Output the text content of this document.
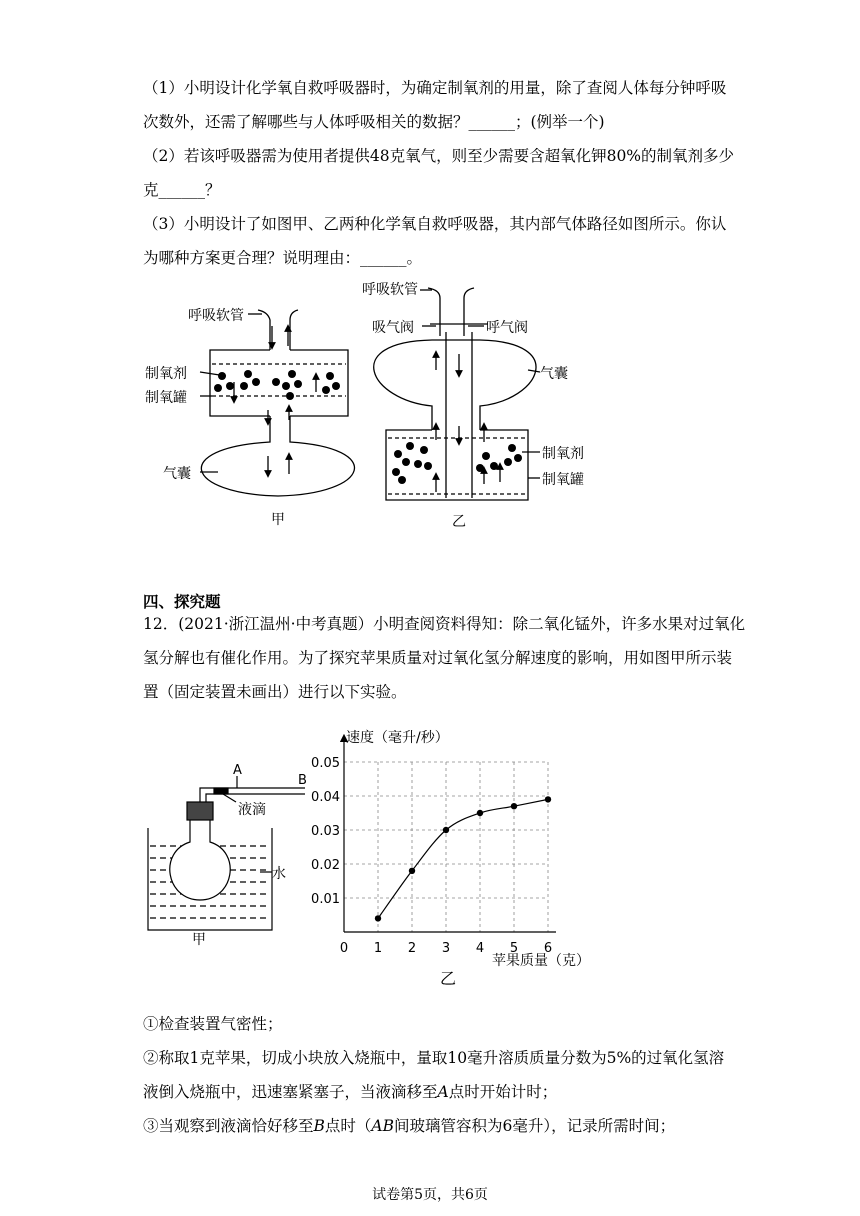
（1）小明设计化学氧自救呼吸器时，为确定制氧剂的用量，除了查阅人体每分钟呼吸
次数外，还需了解哪些与人体呼吸相关的数据？______；(例举一个)
（2）若该呼吸器需为使用者提供48克氧气，则至少需要含超氧化钾80%的制氧剂多少
克______？
（3）小明设计了如图甲、乙两种化学氧自救呼吸器，其内部气体路径如图所示。你认
为哪种方案更合理？说明理由：______。
呼吸软管
制氧剂
制氧罐
气囊
甲
呼吸软管
吸气阀	呼气阀
气囊
制氧剂
制氧罐
乙
四、探究题
12．(2021·浙江温州·中考真题）小明查阅资料得知：除二氧化锰外，许多水果对过氧化
氢分解也有催化作用。为了探究苹果质量对过氧化氢分解速度的影响，用如图甲所示装
置（固定装置未画出）进行以下实验。
A
B
液滴
水
甲
速度（毫升/秒）
0.01
0.02
0.03
0.04
0.05
0 1 2 3 4 5 6
苹果质量（克）
乙
①检查装置气密性；
②称取1克苹果，切成小块放入烧瓶中，量取10毫升溶质质量分数为5%的过氧化氢溶
液倒入烧瓶中，迅速塞紧塞子，当液滴移至A点时开始计时；
③当观察到液滴恰好移至B点时（AB间玻璃管容积为6毫升），记录所需时间；
试卷第5页，共6页
